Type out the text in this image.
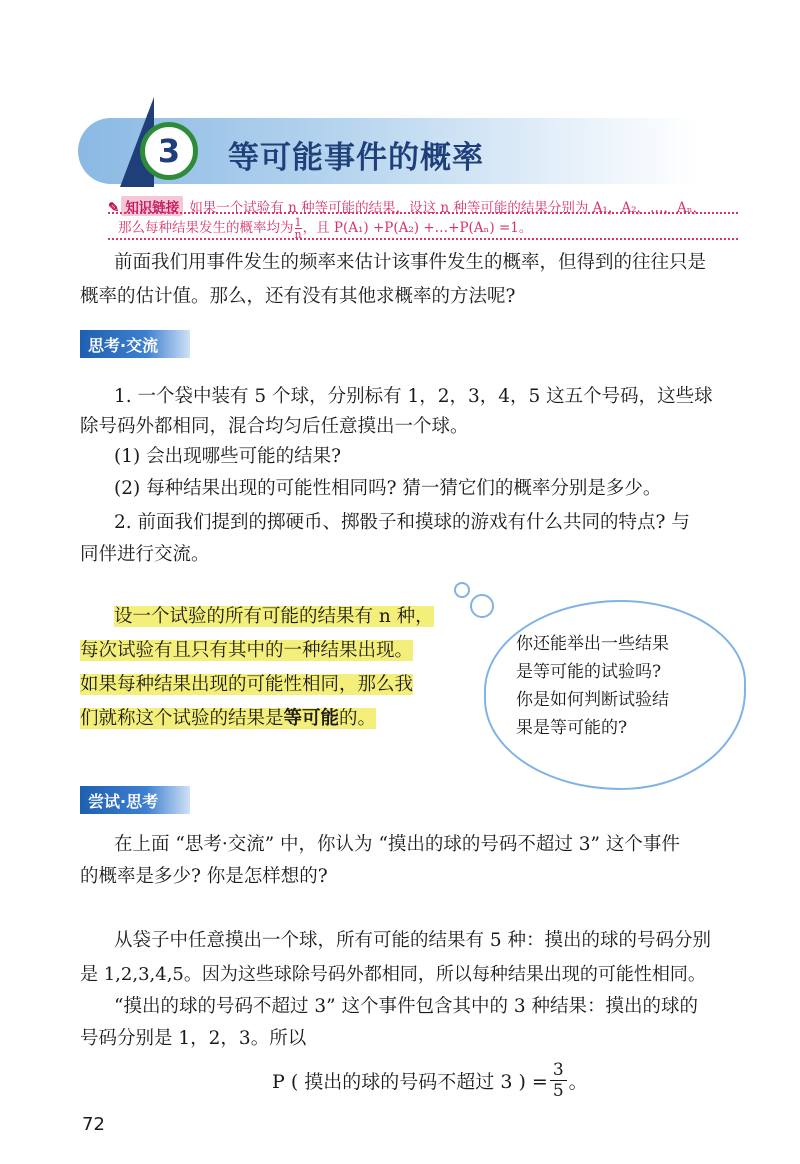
3	等可能事件的概率
✎ 知识链接 如果一个试验有 n 种等可能的结果，设这 n 种等可能的结果分别为 A₁，A₂，…，Aₙ，
那么每种结果发生的概率均为 $\frac{1}{n}$ ，且 P(A₁) +P(A₂) +…+P(Aₙ) =1。
前面我们用事件发生的频率来估计该事件发生的概率，但得到的往往只是
概率的估计值。那么，还有没有其他求概率的方法呢?
思考·交流
1. 一个袋中装有 5 个球，分别标有 1，2，3，4，5 这五个号码，这些球
除号码外都相同，混合均匀后任意摸出一个球。
(1) 会出现哪些可能的结果?
(2) 每种结果出现的可能性相同吗? 猜一猜它们的概率分别是多少。
2. 前面我们提到的掷硬币、掷骰子和摸球的游戏有什么共同的特点? 与
同伴进行交流。
设一个试验的所有可能的结果有 n 种，
每次试验有且只有其中的一种结果出现。
如果每种结果出现的可能性相同，那么我
们就称这个试验的结果是等可能的。
你还能举出一些结果
是等可能的试验吗?
你是如何判断试验结
果是等可能的?
尝试·思考
在上面 “思考·交流” 中，你认为 “摸出的球的号码不超过 3” 这个事件
的概率是多少? 你是怎样想的?
从袋子中任意摸出一个球，所有可能的结果有 5 种：摸出的球的号码分别
是 1,2,3,4,5。因为这些球除号码外都相同，所以每种结果出现的可能性相同。
“摸出的球的号码不超过 3” 这个事件包含其中的 3 种结果：摸出的球的
号码分别是 1，2，3。所以
P ( 摸出的球的号码不超过 3 ) = $\frac{3}{5}$ 。
72
